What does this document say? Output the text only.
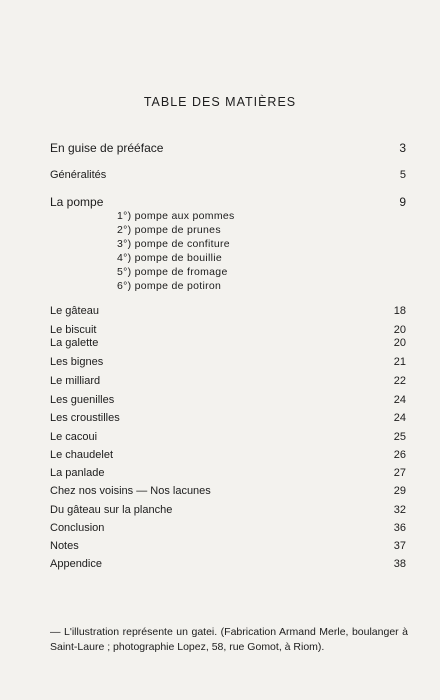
TABLE DES MATIÈRES
En guise de prééface	3
Généralités	5
La pompe	9
1°) pompe aux pommes
2°) pompe de prunes
3°) pompe de confiture
4°) pompe de bouillie
5°) pompe de fromage
6°) pompe de potiron
Le gâteau	18
Le biscuit	20
La galette	20
Les bignes	21
Le milliard	22
Les guenilles	24
Les croustilles	24
Le cacoui	25
Le chaudelet	26
La panlade	27
Chez nos voisins — Nos lacunes	29
Du gâteau sur la planche	32
Conclusion	36
Notes	37
Appendice	38
— L'illustration représente un gatei. (Fabrication Armand Merle, boulanger à Saint-Laure ; photographie Lopez, 58, rue Gomot, à Riom).
